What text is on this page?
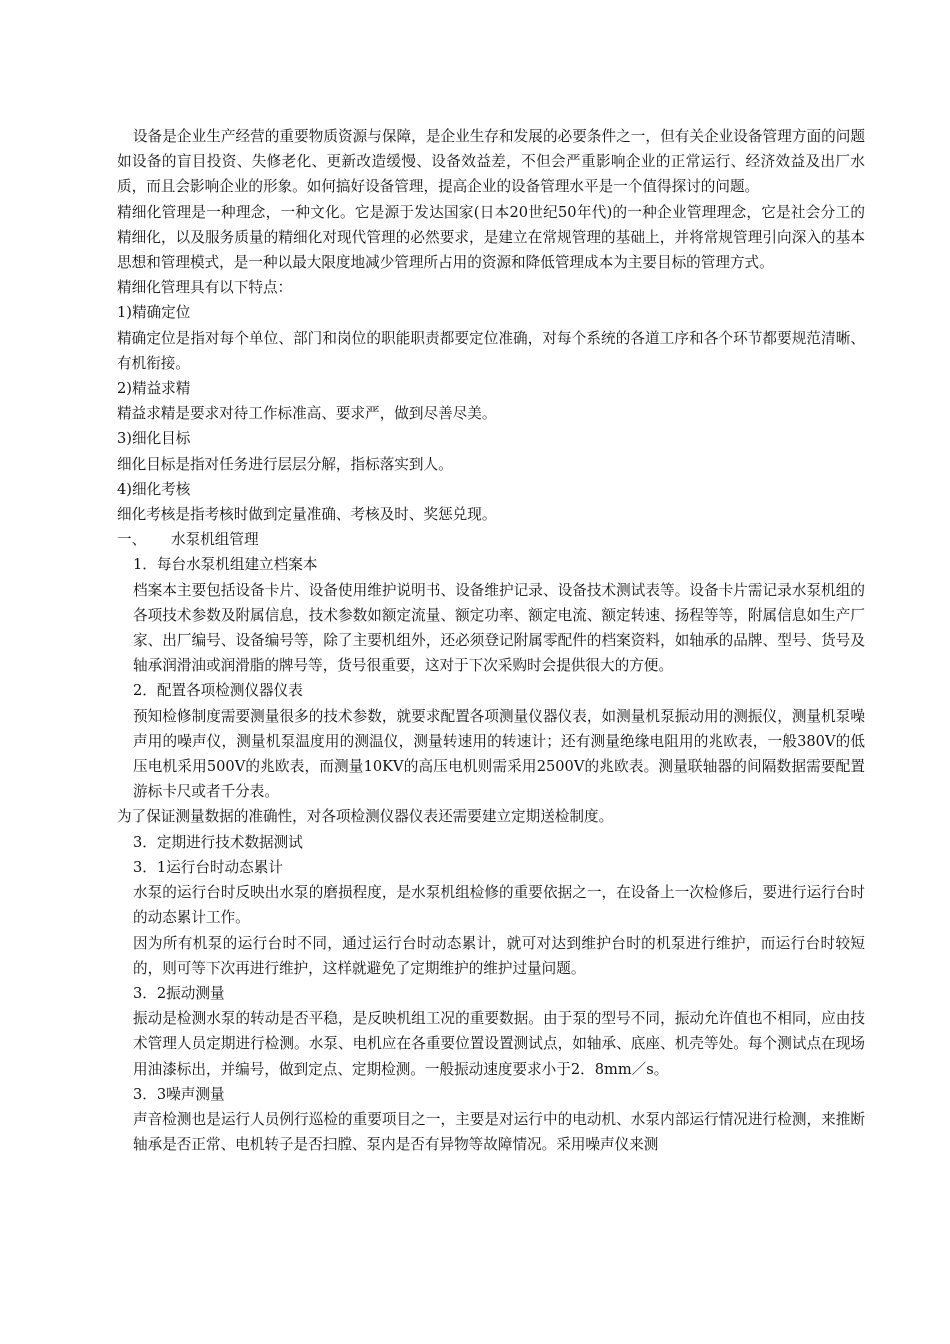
设备是企业生产经营的重要物质资源与保障，是企业生存和发展的必要条件之一，但有关企业设备管理方面的问题如设备的盲目投资、失修老化、更新改造缓慢、设备效益差，不但会严重影响企业的正常运行、经济效益及出厂水质，而且会影响企业的形象。如何搞好设备管理，提高企业的设备管理水平是一个值得探讨的问题。

精细化管理是一种理念，一种文化。它是源于发达国家(日本20世纪50年代)的一种企业管理理念，它是社会分工的精细化，以及服务质量的精细化对现代管理的必然要求，是建立在常规管理的基础上，并将常规管理引向深入的基本思想和管理模式，是一种以最大限度地减少管理所占用的资源和降低管理成本为主要目标的管理方式。

精细化管理具有以下特点：

1)精确定位

精确定位是指对每个单位、部门和岗位的职能职责都要定位准确，对每个系统的各道工序和各个环节都要规范清晰、有机衔接。

2)精益求精

精益求精是要求对待工作标准高、要求严，做到尽善尽美。

3)细化目标

细化目标是指对任务进行层层分解，指标落实到人。

4)细化考核

细化考核是指考核时做到定量准确、考核及时、奖惩兑现。

一、 水泵机组管理

1．每台水泵机组建立档案本

档案本主要包括设备卡片、设备使用维护说明书、设备维护记录、设备技术测试表等。设备卡片需记录水泵机组的各项技术参数及附属信息，技术参数如额定流量、额定功率、额定电流、额定转速、扬程等等，附属信息如生产厂家、出厂编号、设备编号等，除了主要机组外，还必须登记附属零配件的档案资料，如轴承的品牌、型号、货号及轴承润滑油或润滑脂的牌号等，货号很重要，这对于下次采购时会提供很大的方便。

2．配置各项检测仪器仪表

预知检修制度需要测量很多的技术参数，就要求配置各项测量仪器仪表，如测量机泵振动用的测振仪，测量机泵噪声用的噪声仪，测量机泵温度用的测温仪，测量转速用的转速计；还有测量绝缘电阻用的兆欧表，一般380V的低压电机采用500V的兆欧表，而测量10KV的高压电机则需采用2500V的兆欧表。测量联轴器的间隔数据需要配置游标卡尺或者千分表。

为了保证测量数据的准确性，对各项检测仪器仪表还需要建立定期送检制度。

3．定期进行技术数据测试

3．1运行台时动态累计

水泵的运行台时反映出水泵的磨损程度，是水泵机组检修的重要依据之一，在设备上一次检修后，要进行运行台时的动态累计工作。

因为所有机泵的运行台时不同，通过运行台时动态累计，就可对达到维护台时的机泵进行维护，而运行台时较短的，则可等下次再进行维护，这样就避免了定期维护的维护过量问题。

3．2振动测量

振动是检测水泵的转动是否平稳，是反映机组工况的重要数据。由于泵的型号不同，振动允许值也不相同，应由技术管理人员定期进行检测。水泵、电机应在各重要位置设置测试点，如轴承、底座、机壳等处。每个测试点在现场用油漆标出，并编号，做到定点、定期检测。一般振动速度要求小于2．8mm／s。

3．3噪声测量

声音检测也是运行人员例行巡检的重要项目之一，主要是对运行中的电动机、水泵内部运行情况进行检测，来推断轴承是否正常、电机转子是否扫膛、泵内是否有异物等故障情况。采用噪声仪来测
